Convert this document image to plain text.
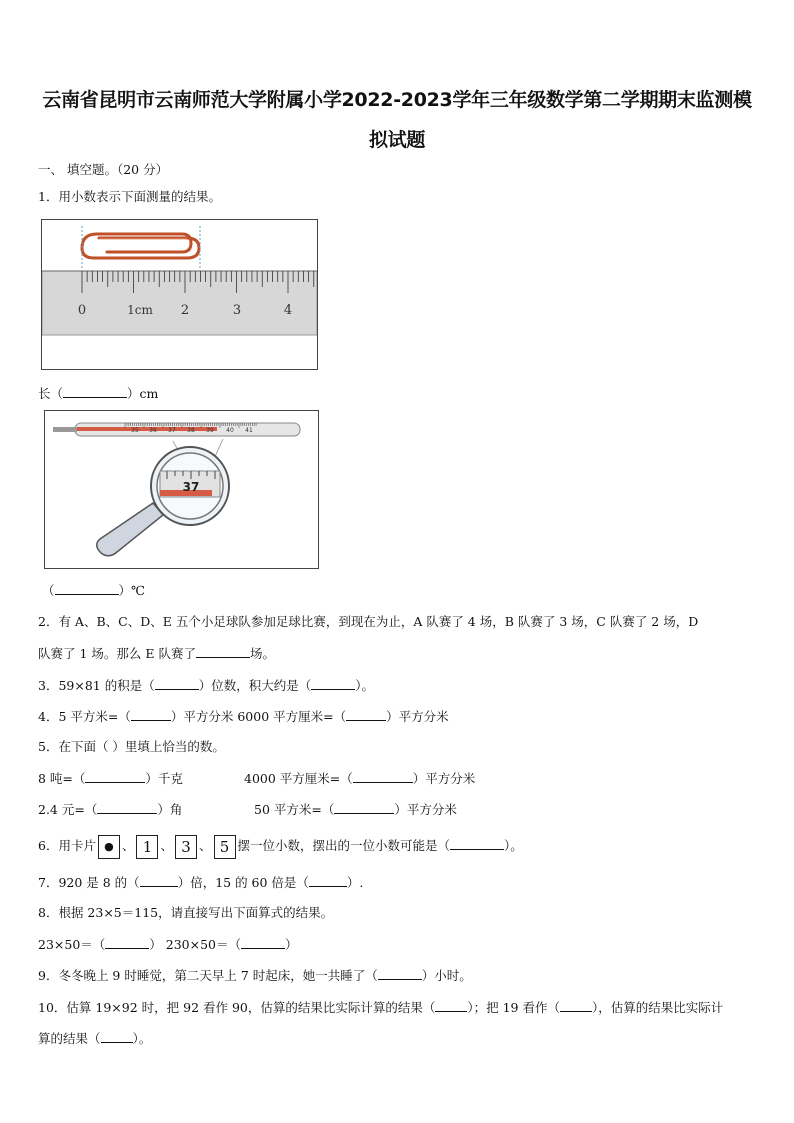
云南省昆明市云南师范大学附属小学2022-2023学年三年级数学第二学期期末监测模
拟试题
一、 填空题。（20 分）
1．用小数表示下面测量的结果。
0	1cm 2	3	4
长（	）cm
35 36 37 38 39 40 41
37
（	）℃
2．有 A、B、C、D、E 五个小足球队参加足球比赛，到现在为止，A 队赛了 4 场，B 队赛了 3 场，C 队赛了 2 场，D
队赛了 1 场。那么 E 队赛了	场。
3．59×81 的积是（	）位数，积大约是（	）。
4．5 平方米=（	）平方分米 6000 平方厘米=（	）平方分米
5．在下面（ ）里填上恰当的数。
8 吨=（	）千克	4000 平方厘米=（	）平方分米
2.4 元=（	）角	50 平方米=（	）平方分米
6．用卡片 ● 、 1 、 3 、 5 摆一位小数，摆出的一位小数可能是（	）。
7．920 是 8 的（	）倍，15 的 60 倍是（	）.
8．根据 23×5＝115，请直接写出下面算式的结果。
23×50＝（	） 230×50＝（	）
9．冬冬晚上 9 时睡觉，第二天早上 7 时起床，她一共睡了（	）小时。
10．估算 19×92 时，把 92 看作 90，估算的结果比实际计算的结果（	）；把 19 看作（	），估算的结果比实际计
算的结果（	）。
